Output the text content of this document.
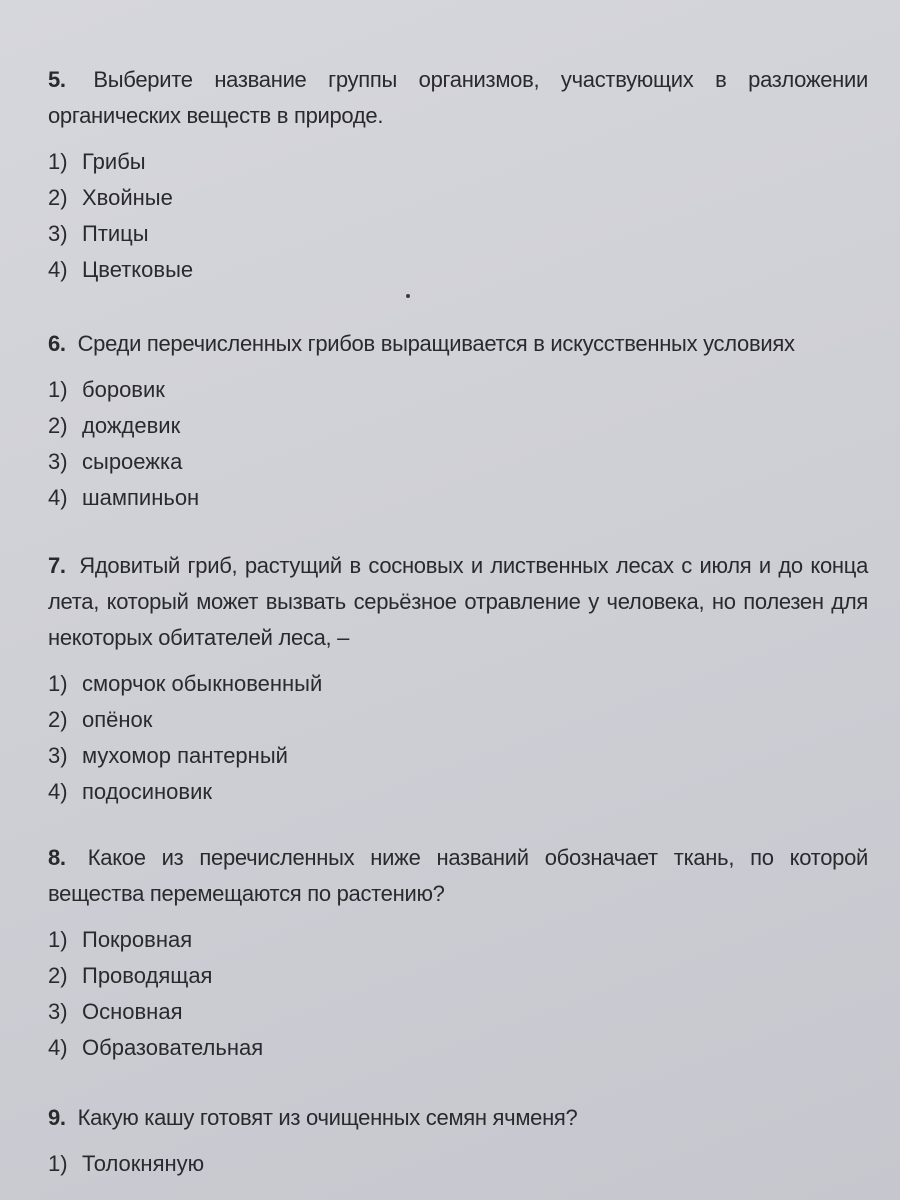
5. Выберите название группы организмов, участвующих в разложении органических веществ в природе.

1) Грибы
2) Хвойные
3) Птицы
4) Цветковые

6. Среди перечисленных грибов выращивается в искусственных условиях

1) боровик
2) дождевик
3) сыроежка
4) шампиньон

7. Ядовитый гриб, растущий в сосновых и лиственных лесах с июля и до конца лета, который может вызвать серьёзное отравление у человека, но полезен для некоторых обитателей леса, –

1) сморчок обыкновенный
2) опёнок
3) мухомор пантерный
4) подосиновик

8. Какое из перечисленных ниже названий обозначает ткань, по которой вещества перемещаются по растению?

1) Покровная
2) Проводящая
3) Основная
4) Образовательная

9. Какую кашу готовят из очищенных семян ячменя?

1) Толокняную
